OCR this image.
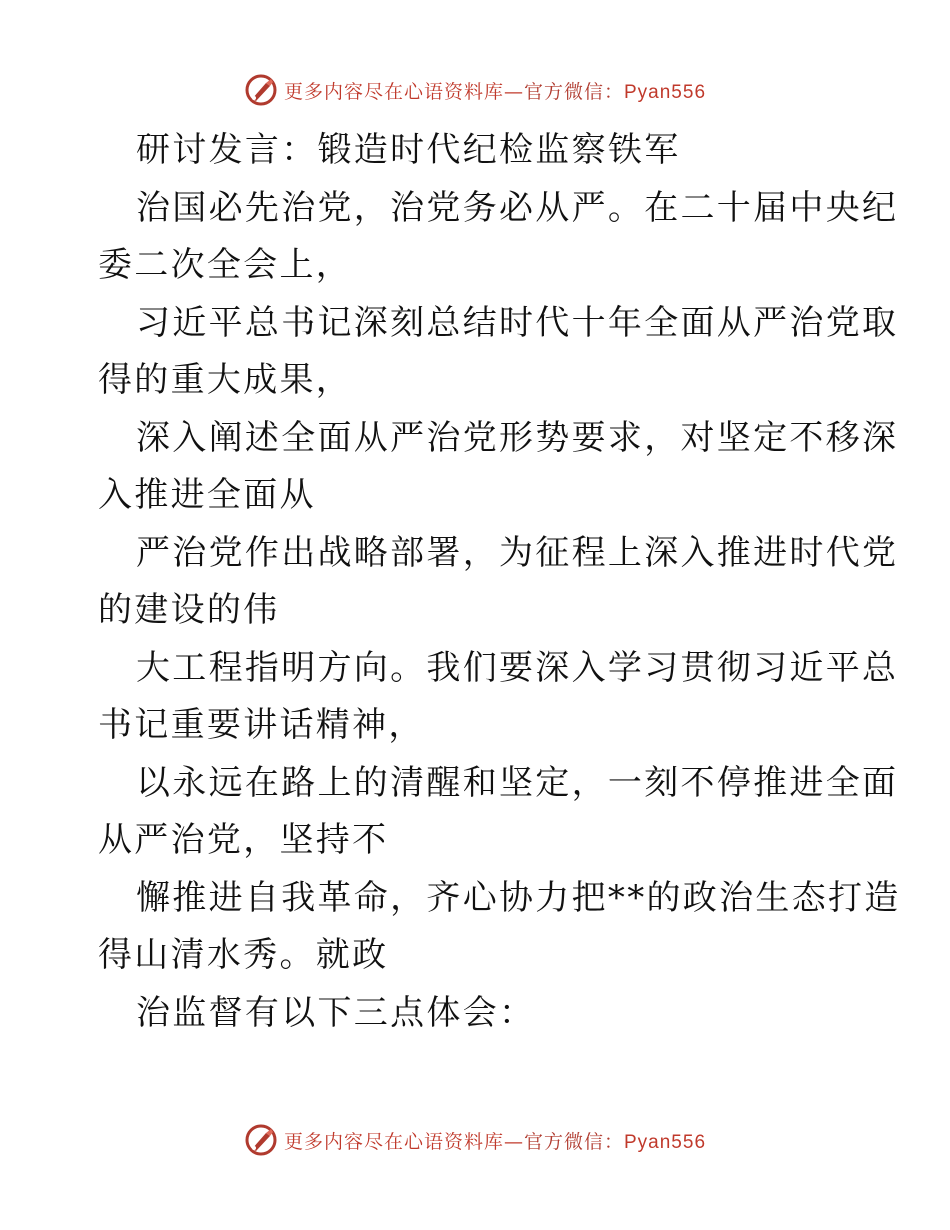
更多内容尽在心语资料库—官方微信：Pyan556
研讨发言：锻造时代纪检监察铁军
治国必先治党，治党务必从严。在二十届中央纪
委二次全会上，
习近平总书记深刻总结时代十年全面从严治党取
得的重大成果，
深入阐述全面从严治党形势要求，对坚定不移深
入推进全面从
严治党作出战略部署，为征程上深入推进时代党
的建设的伟
大工程指明方向。我们要深入学习贯彻习近平总
书记重要讲话精神，
以永远在路上的清醒和坚定，一刻不停推进全面
从严治党，坚持不
懈推进自我革命，齐心协力把**的政治生态打造
得山清水秀。就政
治监督有以下三点体会：
更多内容尽在心语资料库—官方微信：Pyan556
